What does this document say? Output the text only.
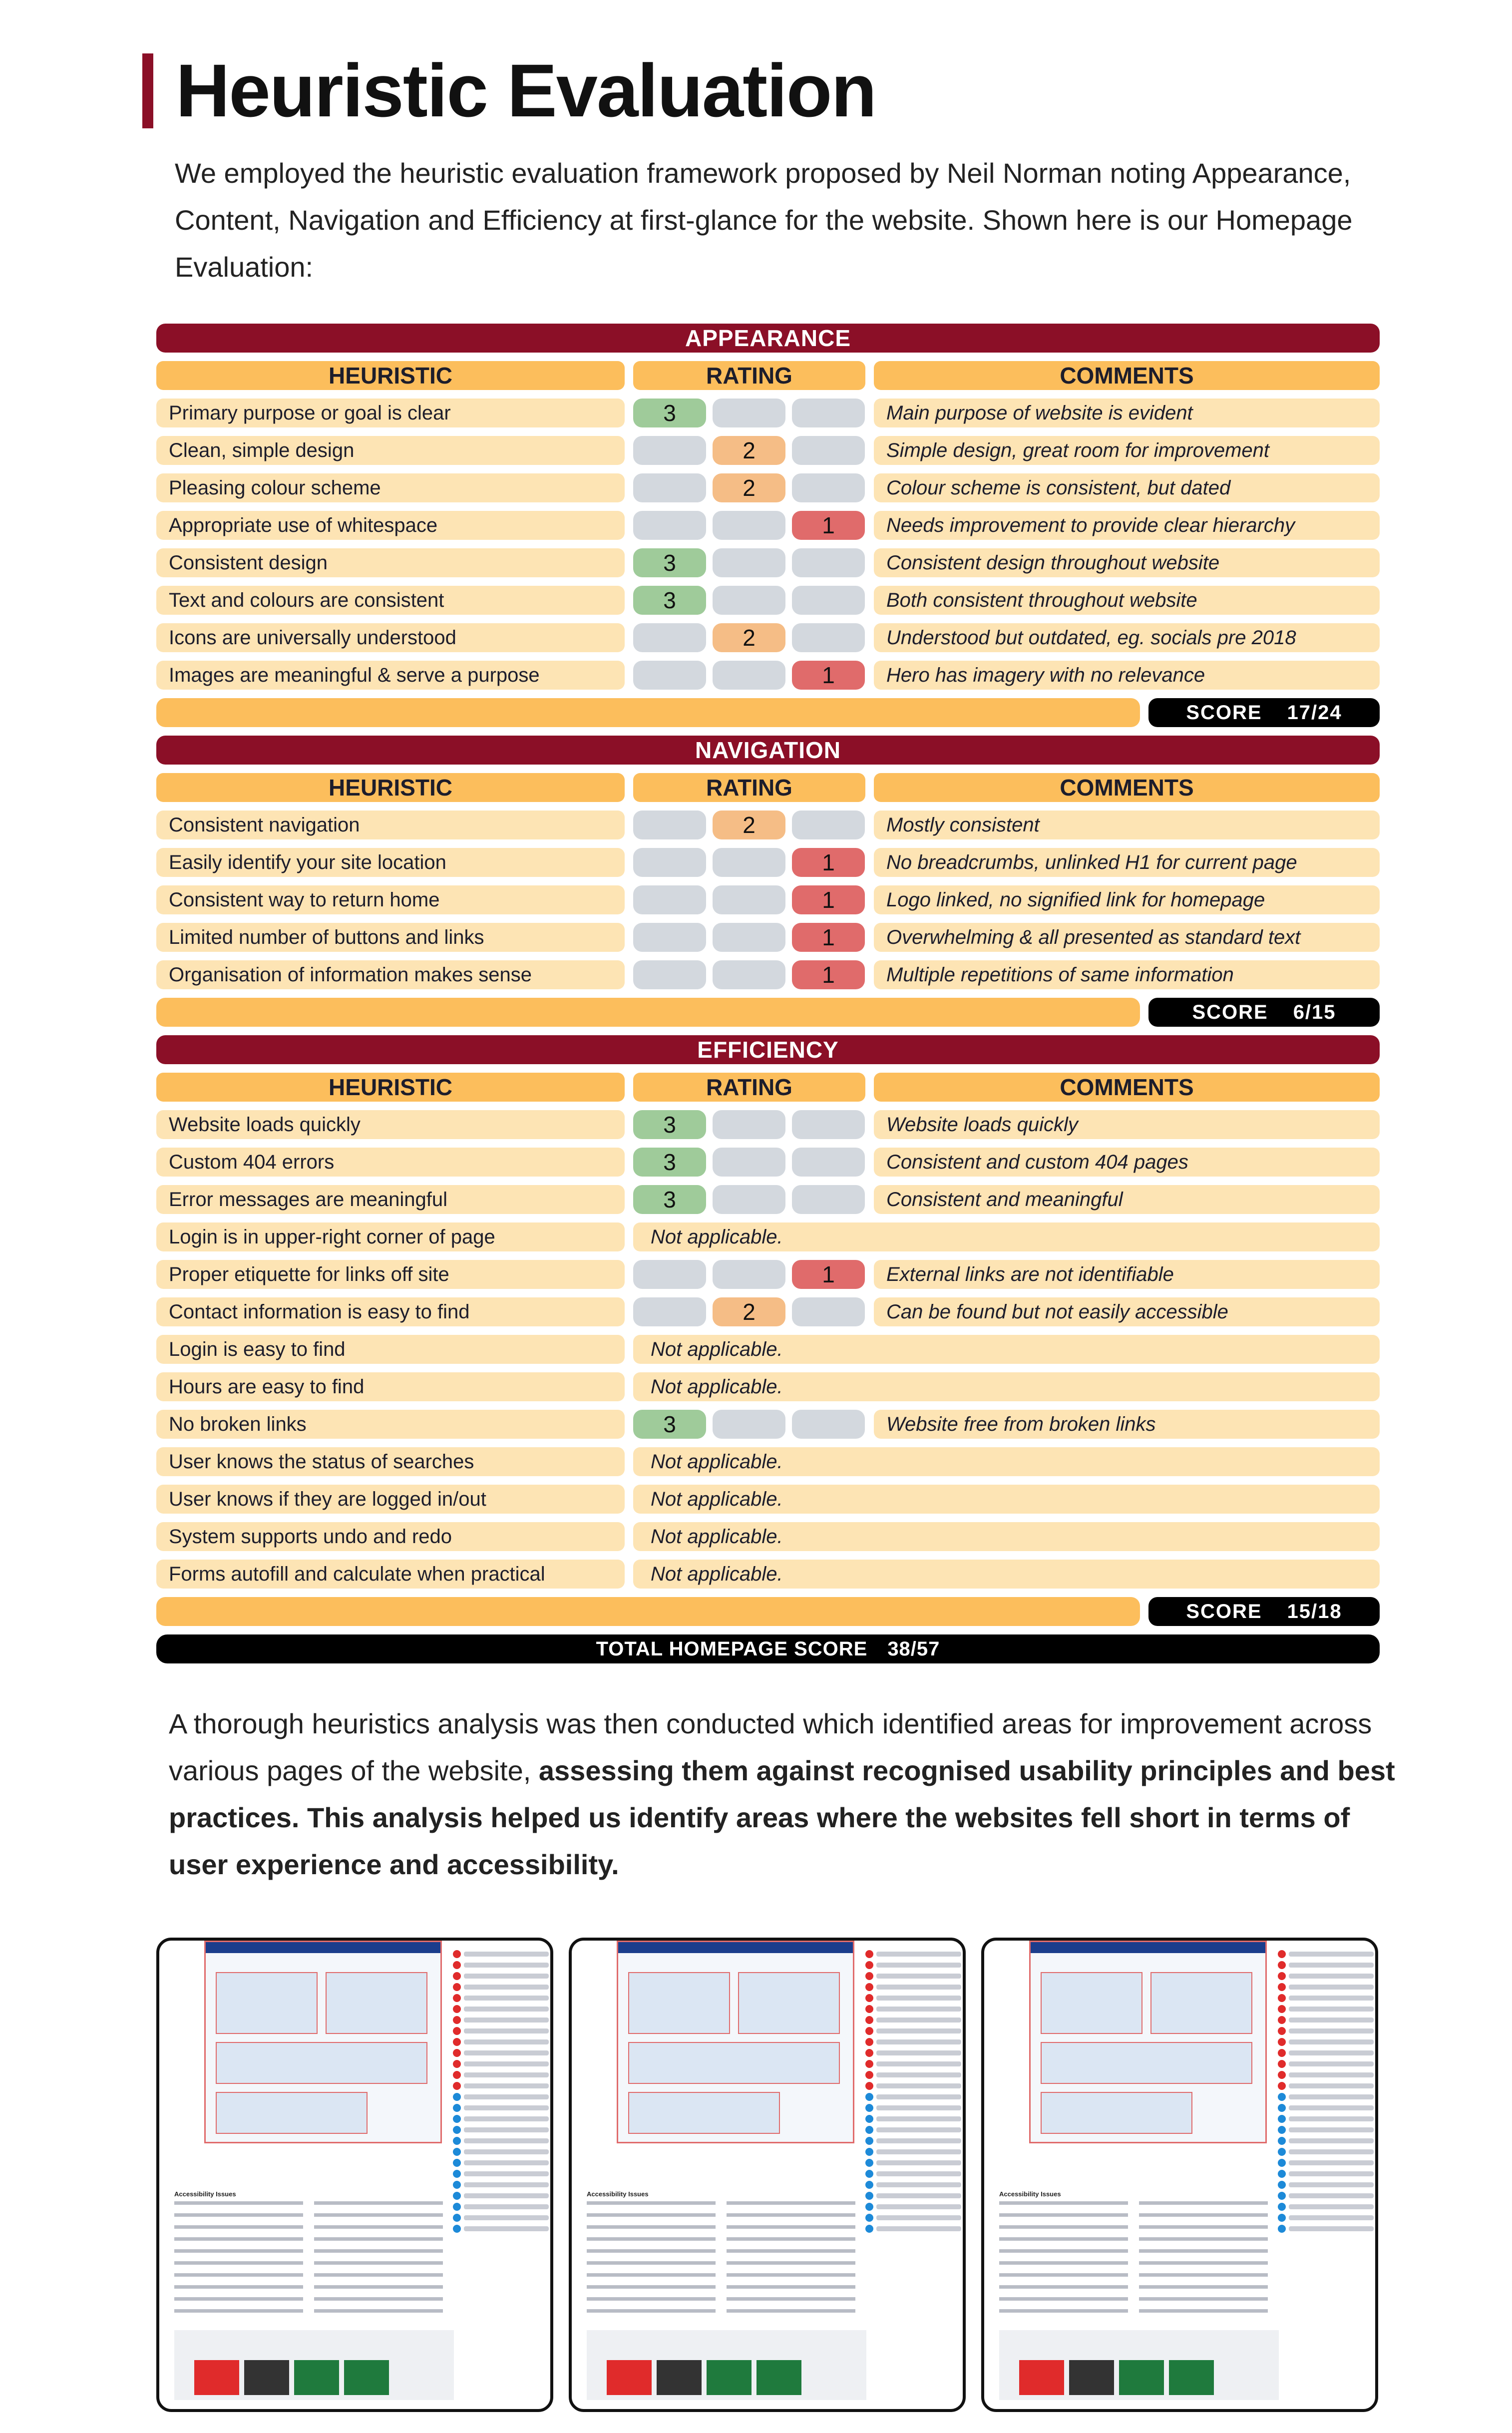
Heuristic Evaluation

We employed the heuristic evaluation framework proposed by Neil Norman noting Appearance, Content, Navigation and Efficiency at first-glance for the website. Shown here is our Homepage Evaluation:

APPEARANCE
HEURISTIC	RATING	COMMENTS
Primary purpose or goal is clear	3	Main purpose of website is evident
Clean, simple design	2	Simple design, great room for improvement
Pleasing colour scheme	2	Colour scheme is consistent, but dated
Appropriate use of whitespace	1	Needs improvement to provide clear hierarchy
Consistent design	3	Consistent design throughout website
Text and colours are consistent	3	Both consistent throughout website
Icons are universally understood	2	Understood but outdated, eg. socials pre 2018
Images are meaningful & serve a purpose	1	Hero has imagery with no relevance
SCORE 17/24
NAVIGATION
HEURISTIC	RATING	COMMENTS
Consistent navigation	2	Mostly consistent
Easily identify your site location	1	No breadcrumbs, unlinked H1 for current page
Consistent way to return home	1	Logo linked, no signified link for homepage
Limited number of buttons and links	1	Overwhelming & all presented as standard text
Organisation of information makes sense	1	Multiple repetitions of same information
SCORE 6/15
EFFICIENCY
HEURISTIC	RATING	COMMENTS
Website loads quickly	3	Website loads quickly
Custom 404 errors	3	Consistent and custom 404 pages
Error messages are meaningful	3	Consistent and meaningful
Login is in upper-right corner of page	Not applicable.
Proper etiquette for links off site	1	External links are not identifiable
Contact information is easy to find	2	Can be found but not easily accessible
Login is easy to find	Not applicable.
Hours are easy to find	Not applicable.
No broken links	3	Website free from broken links
User knows the status of searches	Not applicable.
User knows if they are logged in/out	Not applicable.
System supports undo and redo	Not applicable.
Forms autofill and calculate when practical	Not applicable.
SCORE 15/18
TOTAL HOMEPAGE SCORE 38/57

A thorough heuristics analysis was then conducted which identified areas for improvement across various pages of the website, assessing them against recognised usability principles and best practices. This analysis helped us identify areas where the websites fell short in terms of user experience and accessibility.

Accessibility Issues	Accessibility Issues	Accessibility Issues
